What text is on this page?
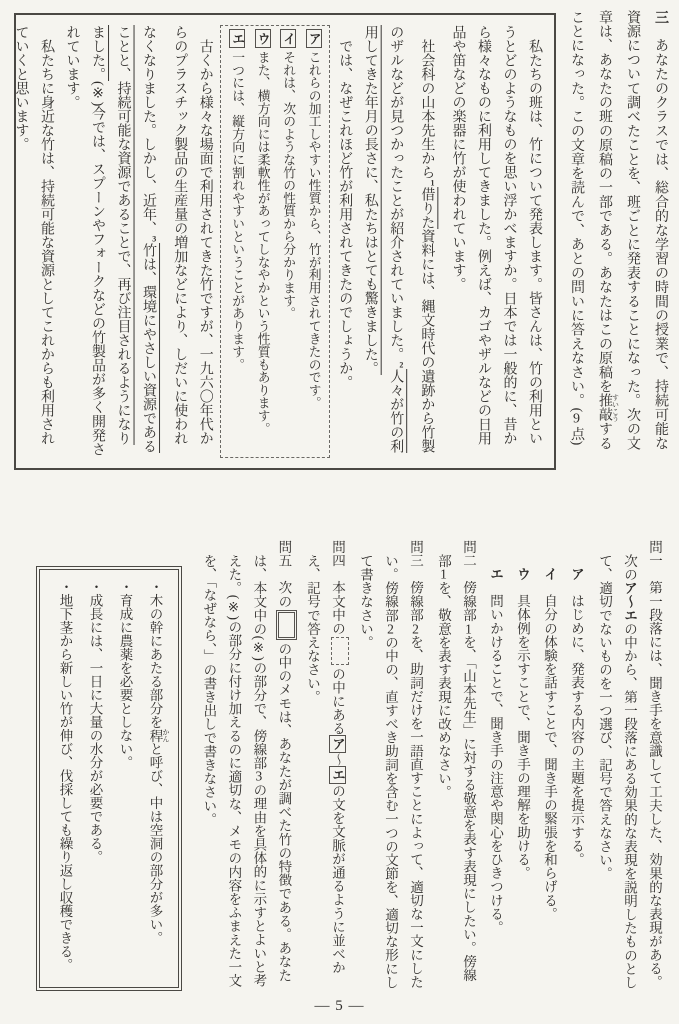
三　あなたのクラスでは、総合的な学習の時間の授業で、持続可能な資源について調べたことを、班ごとに発表することになった。次の文章は、あなたの班の原稿の一部である。あなたはこの原稿を推敲 すいこうすることになった。この文章を読んで、あとの問いに答えなさい。(9点)

　私たちの班は、竹について発表します。皆さんは、竹の利用というとどのようなものを思い浮かべますか。日本では一般的に、昔から様々なものに利用してきました。例えば、カゴやザルなどの日用品や笛などの楽器に竹が使われています。

　社会科の山本先生から$^1$借りた資料には、縄文時代の遺跡から竹製のザルなどが見つかったことが紹介されていました。$^2$人々が竹の利用してきた年月の長さに、私たちはとても驚きました。

　では、なぜこれほど竹が利用されてきたのでしょうか。

アこれらの加工しやすい性質から、竹が利用されてきたのです。

イそれは、次のような竹の性質から分かります。

ウまた、横方向には柔軟性があってしなやかという性質もあります。

エ一つには、縦方向に割れやすいということがあります。

　古くから様々な場面で利用されてきた竹ですが、一九六〇年代からのプラスチック製品の生産量の増加などにより、しだいに使われなくなりました。しかし、近年、$^3$竹は、環境にやさしい資源であることと、持続可能な資源であることで、再び注目されるようになりました。(※)今では、スプーンやフォークなどの竹製品が多く開発されています。

　私たちに身近な竹は、持続可能な資源としてこれからも利用されていくと思います。

問一　第一段落には、聞き手を意識して工夫した、効果的な表現がある。次のア～エの中から、第一段落にある効果的な表現を説明したものとして、適切でないものを一つ選び、記号で答えなさい。

ア　はじめに、発表する内容の主題を提示する。

イ　自分の体験を話すことで、聞き手の緊張を和らげる。

ウ　具体例を示すことで、聞き手の理解を助ける。

エ　問いかけることで、聞き手の注意や関心をひきつける。

問二　傍線部1を、「山本先生」に対する敬意を表す表現にしたい。傍線部1を、敬意を表す表現に改めなさい。

問三　傍線部2を、助詞だけを一語直すことによって、適切な一文にしたい。傍線部2の中の、直すべき助詞を含む一つの文節を、適切な形にして書きなさい。

問四　本文中のの中にあるア～エの文を文脈が通るように並べかえ、記号で答えなさい。

問五　次のの中のメモは、あなたが調べた竹の特徴である。あなたは、本文中の(※)の部分で、傍線部3の理由を具体的に示すとよいと考えた。(※)の部分に付け加えるのに適切な、メモの内容をふまえた一文を、「なぜなら、」の書き出しで書きなさい。

・木の幹にあたる部分を稈 かんと呼び、中は空洞の部分が多い。

・育成に農薬を必要としない。

・成長には、一日に大量の水分が必要である。

・地下茎から新しい竹が伸び、伐採しても繰り返し収穫できる。

— 5 —
